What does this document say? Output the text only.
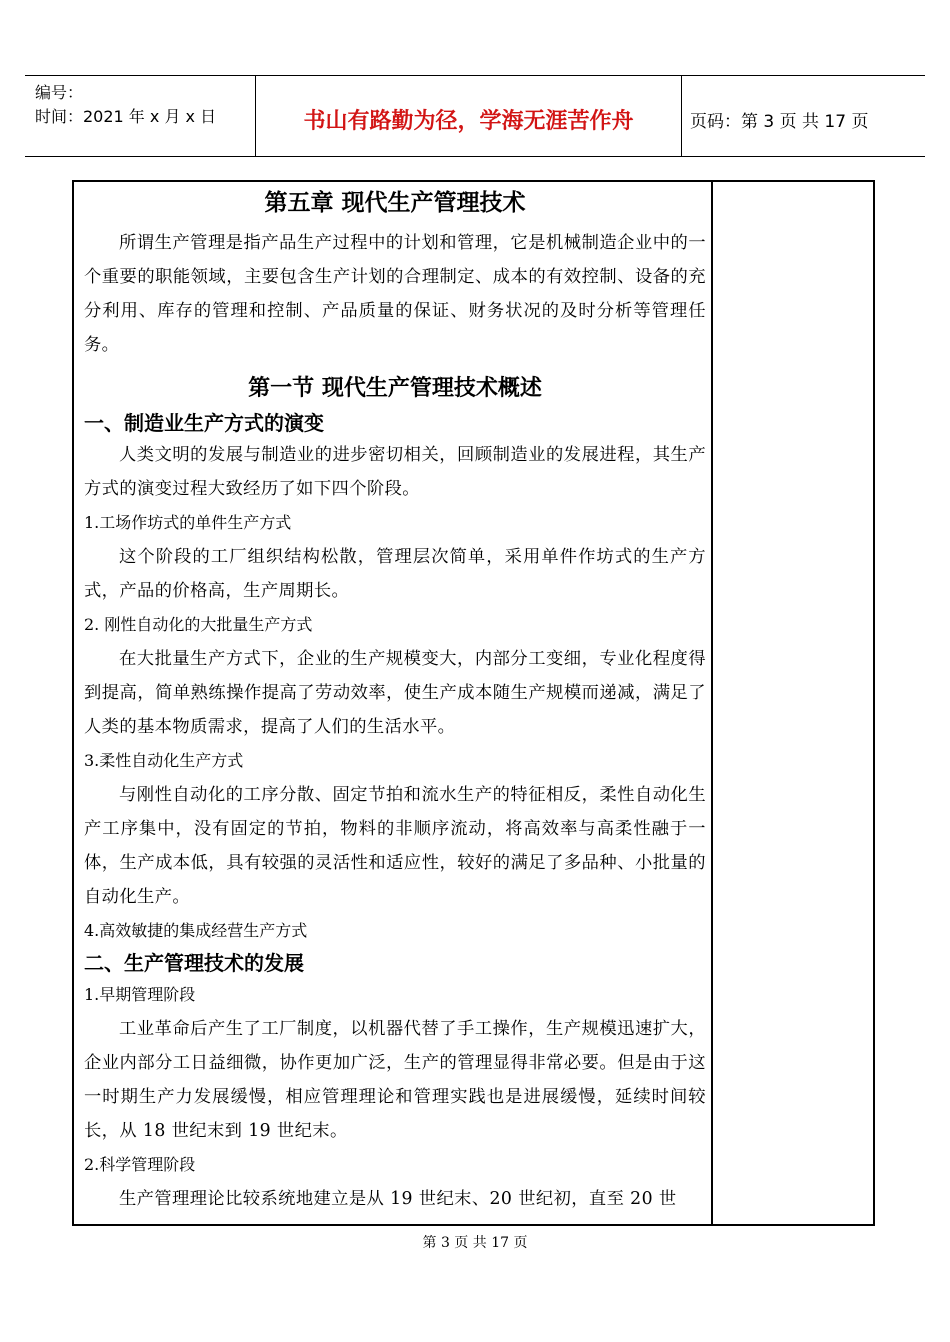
编号：
时间：2021 年 x 月 x 日	书山有路勤为径，学海无涯苦作舟	页码：第 3 页 共 17 页
第五章 现代生产管理技术

所谓生产管理是指产品生产过程中的计划和管理，它是机械制造企业中的一个重要的职能领域，主要包含生产计划的合理制定、成本的有效控制、设备的充分利用、库存的管理和控制、产品质量的保证、财务状况的及时分析等管理任务。

第一节 现代生产管理技术概述
一、制造业生产方式的演变

人类文明的发展与制造业的进步密切相关，回顾制造业的发展进程，其生产方式的演变过程大致经历了如下四个阶段。

1.工场作坊式的单件生产方式

这个阶段的工厂组织结构松散，管理层次简单，采用单件作坊式的生产方式，产品的价格高，生产周期长。

2. 刚性自动化的大批量生产方式

在大批量生产方式下，企业的生产规模变大，内部分工变细，专业化程度得到提高，简单熟练操作提高了劳动效率，使生产成本随生产规模而递减，满足了人类的基本物质需求，提高了人们的生活水平。

3.柔性自动化生产方式

与刚性自动化的工序分散、固定节拍和流水生产的特征相反，柔性自动化生产工序集中，没有固定的节拍，物料的非顺序流动，将高效率与高柔性融于一体，生产成本低，具有较强的灵活性和适应性，较好的满足了多品种、小批量的自动化生产。

4.高效敏捷的集成经营生产方式

二、生产管理技术的发展

1.早期管理阶段

工业革命后产生了工厂制度，以机器代替了手工操作，生产规模迅速扩大，企业内部分工日益细微，协作更加广泛，生产的管理显得非常必要。但是由于这一时期生产力发展缓慢，相应管理理论和管理实践也是进展缓慢，延续时间较长，从 18 世纪末到 19 世纪末。

2.科学管理阶段

生产管理理论比较系统地建立是从 19 世纪末、20 世纪初，直至 20 世

第 3 页 共 17 页
